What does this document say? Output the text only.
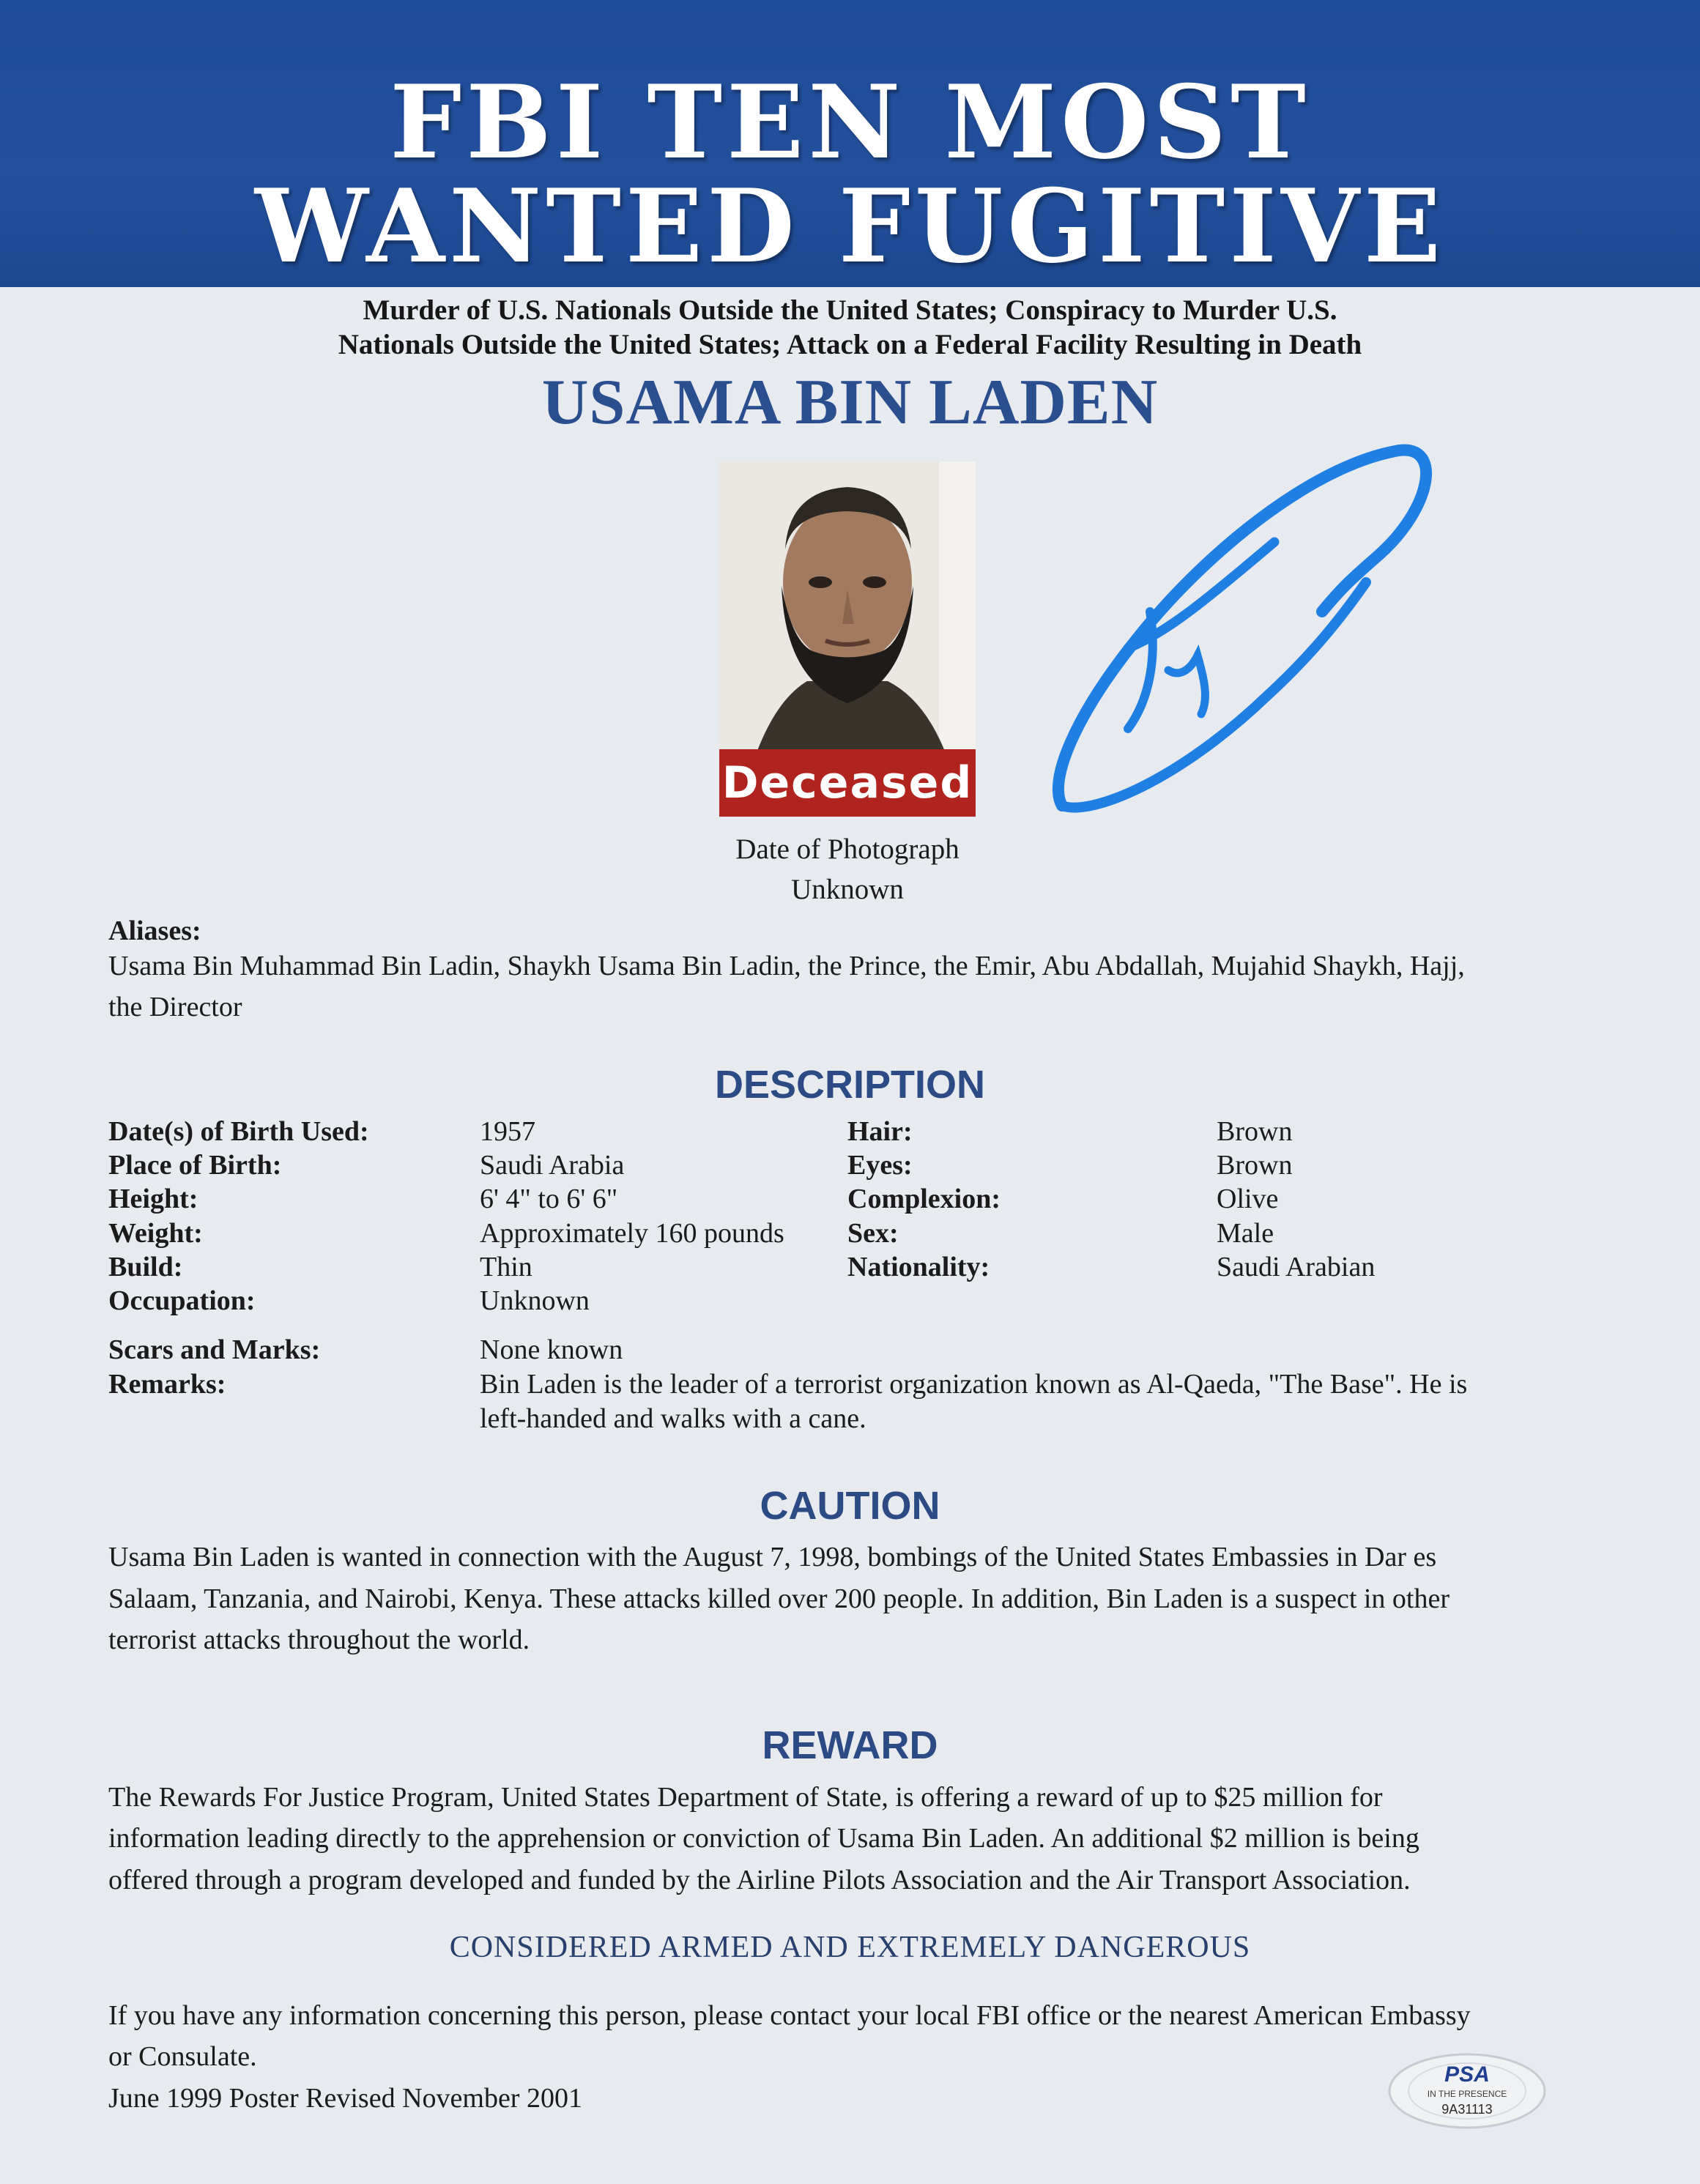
FBI TEN MOST
WANTED FUGITIVE
Murder of U.S. Nationals Outside the United States; Conspiracy to Murder U.S.
Nationals Outside the United States; Attack on a Federal Facility Resulting in Death
USAMA BIN LADEN
Deceased
Date of Photograph
Unknown
Aliases:
Usama Bin Muhammad Bin Ladin, Shaykh Usama Bin Ladin, the Prince, the Emir, Abu Abdallah, Mujahid Shaykh, Hajj,
the Director
DESCRIPTION
Date(s) of Birth Used:	1957
Place of Birth:	Saudi Arabia
Height:	6' 4" to 6' 6"
Weight:	Approximately 160 pounds
Build:	Thin
Occupation:	Unknown
Hair:	Brown
Eyes:	Brown
Complexion:	Olive
Sex:	Male
Nationality:	Saudi Arabian
Scars and Marks:	None known
Remarks:	Bin Laden is the leader of a terrorist organization known as Al-Qaeda, "The Base". He is
left-handed and walks with a cane.
CAUTION
Usama Bin Laden is wanted in connection with the August 7, 1998, bombings of the United States Embassies in Dar es
Salaam, Tanzania, and Nairobi, Kenya. These attacks killed over 200 people. In addition, Bin Laden is a suspect in other
terrorist attacks throughout the world.
REWARD
The Rewards For Justice Program, United States Department of State, is offering a reward of up to $25 million for
information leading directly to the apprehension or conviction of Usama Bin Laden. An additional $2 million is being
offered through a program developed and funded by the Airline Pilots Association and the Air Transport Association.
CONSIDERED ARMED AND EXTREMELY DANGEROUS
If you have any information concerning this person, please contact your local FBI office or the nearest American Embassy
or Consulate.
June 1999 Poster Revised November 2001
PSA
IN THE PRESENCE
9A31113
